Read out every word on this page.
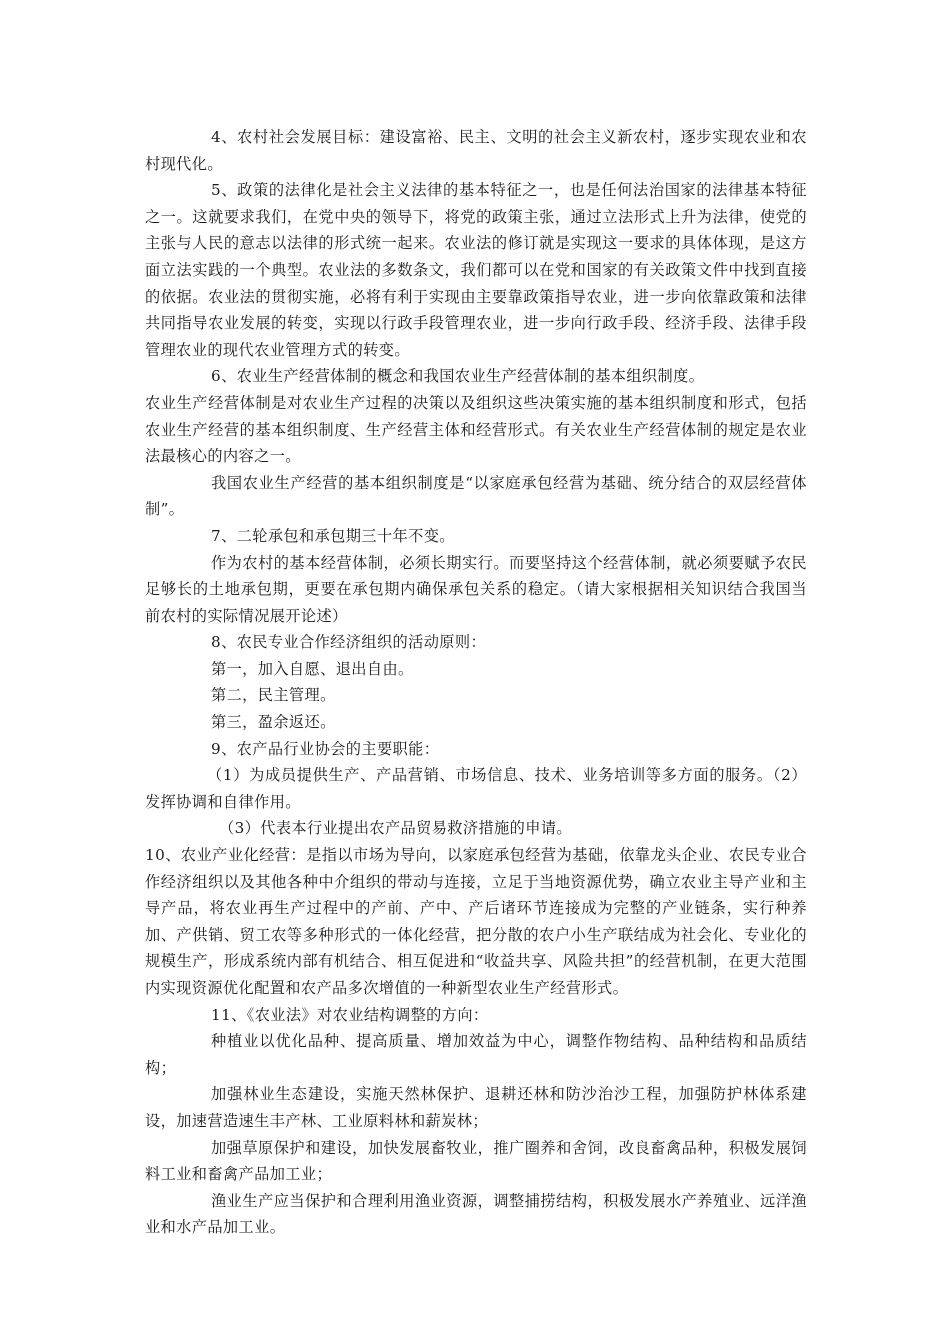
4、农村社会发展目标：建设富裕、民主、文明的社会主义新农村，逐步实现农业和农村现代化。

5、政策的法律化是社会主义法律的基本特征之一，也是任何法治国家的法律基本特征之一。这就要求我们，在党中央的领导下，将党的政策主张，通过立法形式上升为法律，使党的主张与人民的意志以法律的形式统一起来。农业法的修订就是实现这一要求的具体体现，是这方面立法实践的一个典型。农业法的多数条文，我们都可以在党和国家的有关政策文件中找到直接的依据。农业法的贯彻实施，必将有利于实现由主要靠政策指导农业，进一步向依靠政策和法律共同指导农业发展的转变，实现以行政手段管理农业，进一步向行政手段、经济手段、法律手段管理农业的现代农业管理方式的转变。

6、农业生产经营体制的概念和我国农业生产经营体制的基本组织制度。

农业生产经营体制是对农业生产过程的决策以及组织这些决策实施的基本组织制度和形式，包括农业生产经营的基本组织制度、生产经营主体和经营形式。有关农业生产经营体制的规定是农业法最核心的内容之一。

我国农业生产经营的基本组织制度是“以家庭承包经营为基础、统分结合的双层经营体制”。

7、二轮承包和承包期三十年不变。

作为农村的基本经营体制，必须长期实行。而要坚持这个经营体制，就必须要赋予农民足够长的土地承包期，更要在承包期内确保承包关系的稳定。（请大家根据相关知识结合我国当前农村的实际情况展开论述）

8、农民专业合作经济组织的活动原则：

第一，加入自愿、退出自由。

第二，民主管理。

第三，盈余返还。

9、农产品行业协会的主要职能：

（1）为成员提供生产、产品营销、市场信息、技术、业务培训等多方面的服务。（2）发挥协调和自律作用。

（3）代表本行业提出农产品贸易救济措施的申请。

10、农业产业化经营：是指以市场为导向，以家庭承包经营为基础，依靠龙头企业、农民专业合作经济组织以及其他各种中介组织的带动与连接，立足于当地资源优势，确立农业主导产业和主导产品，将农业再生产过程中的产前、产中、产后诸环节连接成为完整的产业链条，实行种养加、产供销、贸工农等多种形式的一体化经营，把分散的农户小生产联结成为社会化、专业化的规模生产，形成系统内部有机结合、相互促进和“收益共享、风险共担”的经营机制，在更大范围内实现资源优化配置和农产品多次增值的一种新型农业生产经营形式。

11、《农业法》对农业结构调整的方向：

种植业以优化品种、提高质量、增加效益为中心，调整作物结构、品种结构和品质结构；

加强林业生态建设，实施天然林保护、退耕还林和防沙治沙工程，加强防护林体系建设，加速营造速生丰产林、工业原料林和薪炭林；

加强草原保护和建设，加快发展畜牧业，推广圈养和舍饲，改良畜禽品种，积极发展饲料工业和畜禽产品加工业；

渔业生产应当保护和合理利用渔业资源，调整捕捞结构，积极发展水产养殖业、远洋渔业和水产品加工业。
